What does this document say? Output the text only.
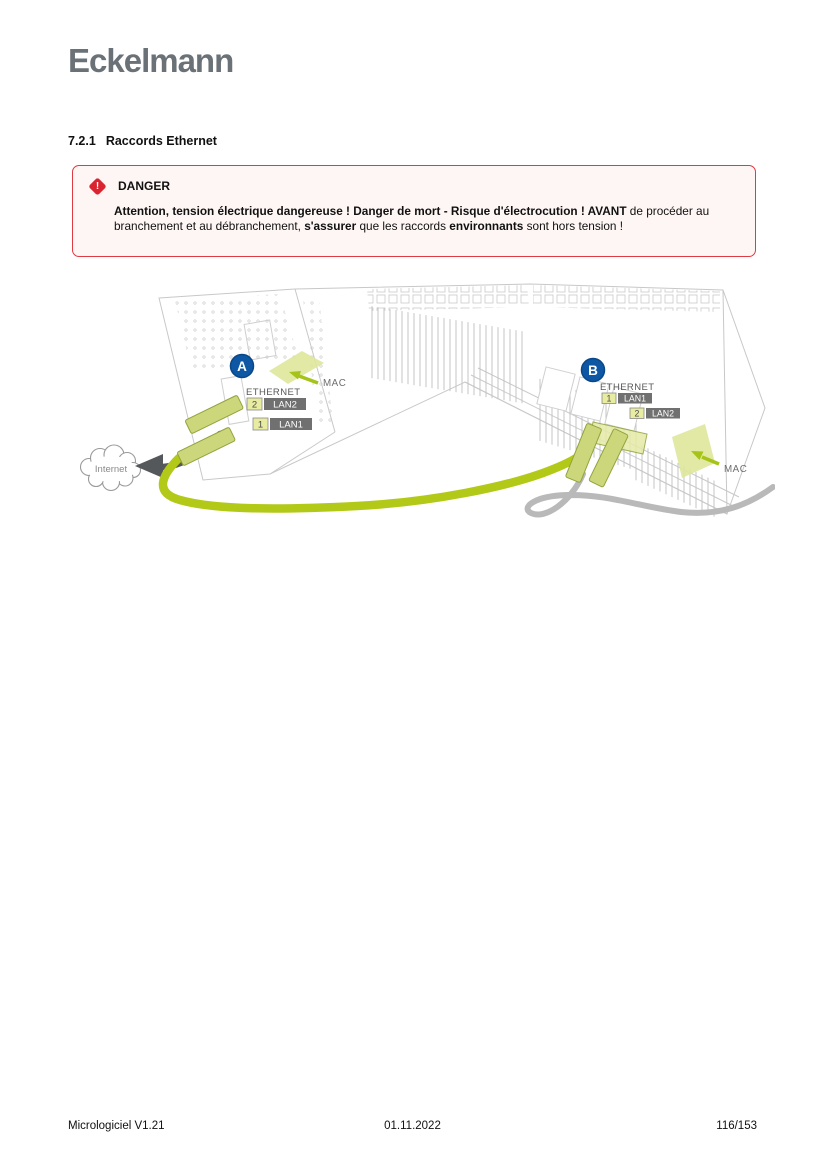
Eckelmann
7.2.1 Raccords Ethernet
!	DANGER
Attention, tension électrique dangereuse ! Danger de mort - Risque d'électrocution ! AVANT de procéder au branchement et au débranchement, s'assurer que les raccords environnants sont hors tension !
Internet
MAC
MAC
A
ETHERNET
2 LAN2
1 LAN1
B
ETHERNET
1 LAN1
2 LAN2
Micrologiciel V1.21	01.11.2022	116/153
